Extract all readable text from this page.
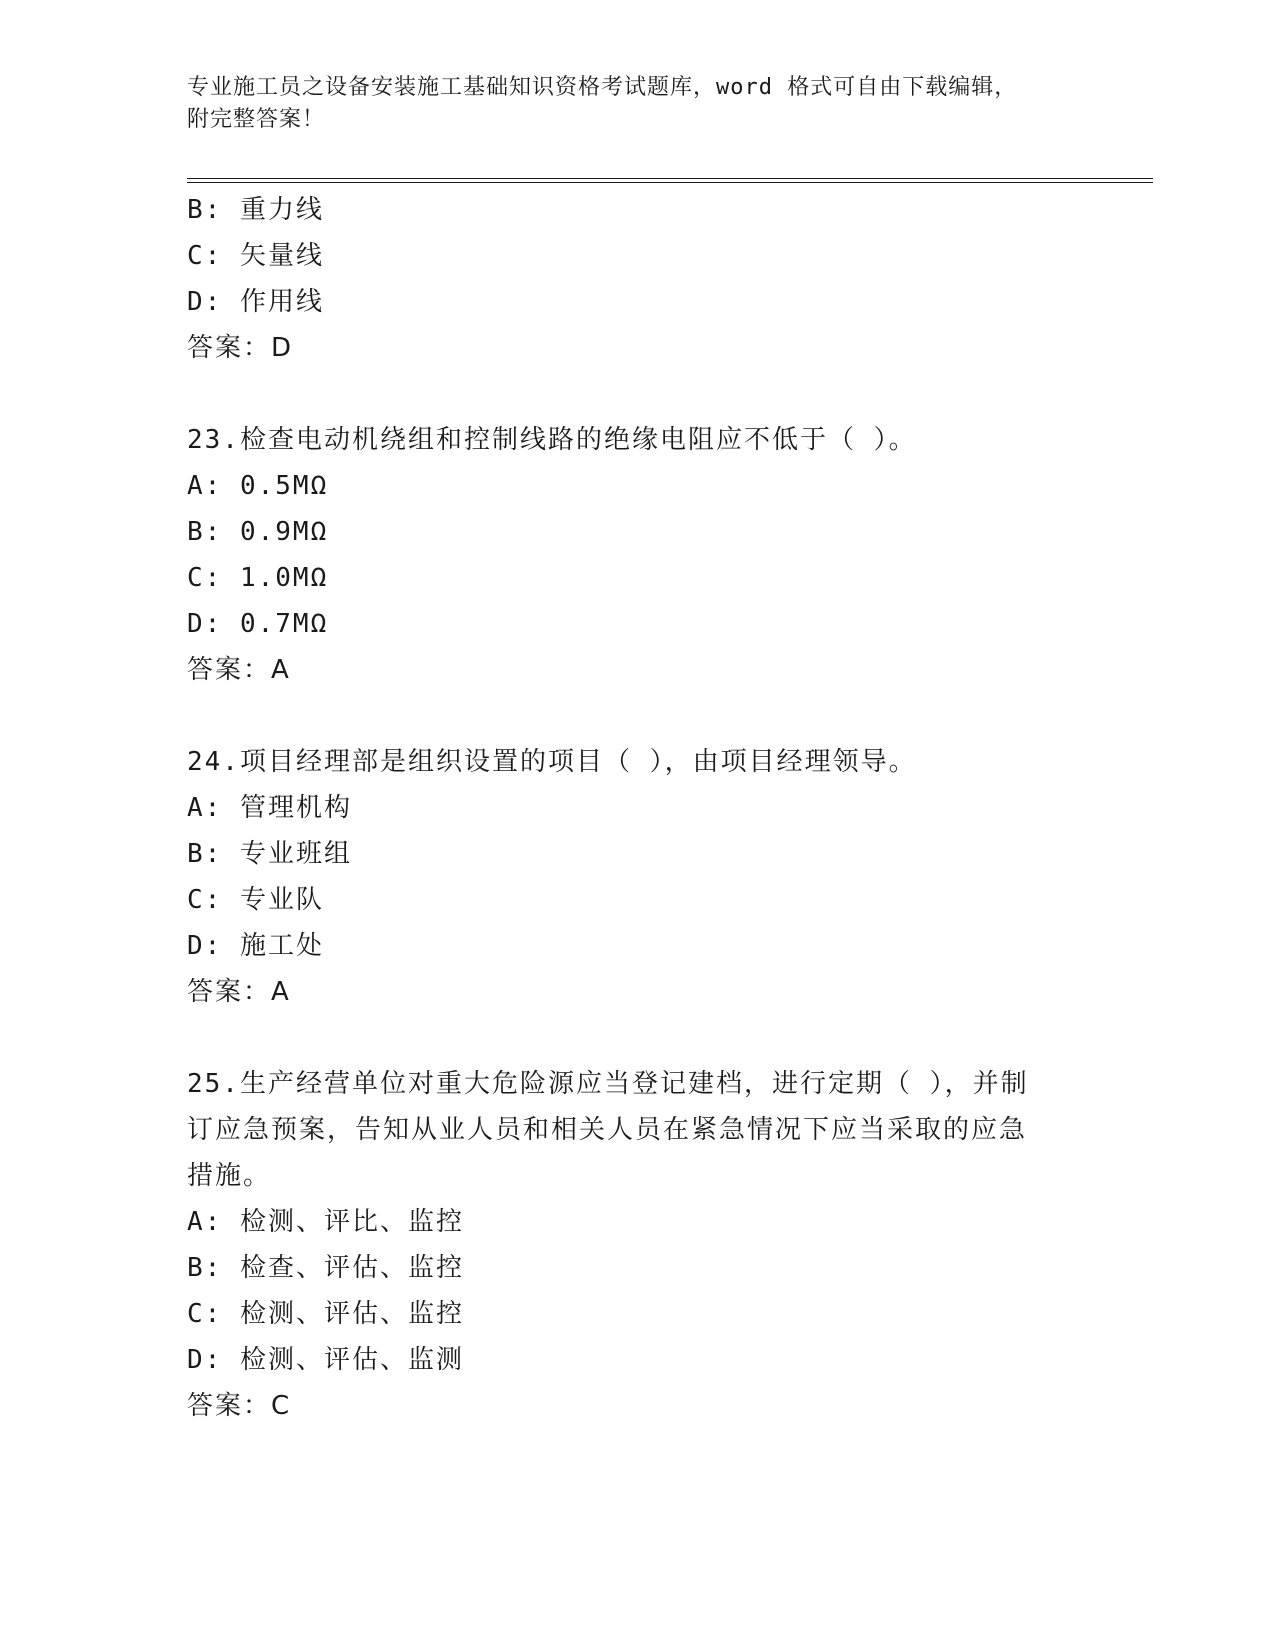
专业施工员之设备安装施工基础知识资格考试题库，word 格式可自由下载编辑，
附完整答案！
B: 重力线
C: 矢量线
D: 作用线
答案：D
23.检查电动机绕组和控制线路的绝缘电阻应不低于（ ）。
A: 0.5MΩ
B: 0.9MΩ
C: 1.0MΩ
D: 0.7MΩ
答案：A
24.项目经理部是组织设置的项目（ ），由项目经理领导。
A: 管理机构
B: 专业班组
C: 专业队
D: 施工处
答案：A
25.生产经营单位对重大危险源应当登记建档，进行定期（ ），并制
订应急预案，告知从业人员和相关人员在紧急情况下应当采取的应急
措施。
A: 检测、评比、监控
B: 检查、评估、监控
C: 检测、评估、监控
D: 检测、评估、监测
答案：C
